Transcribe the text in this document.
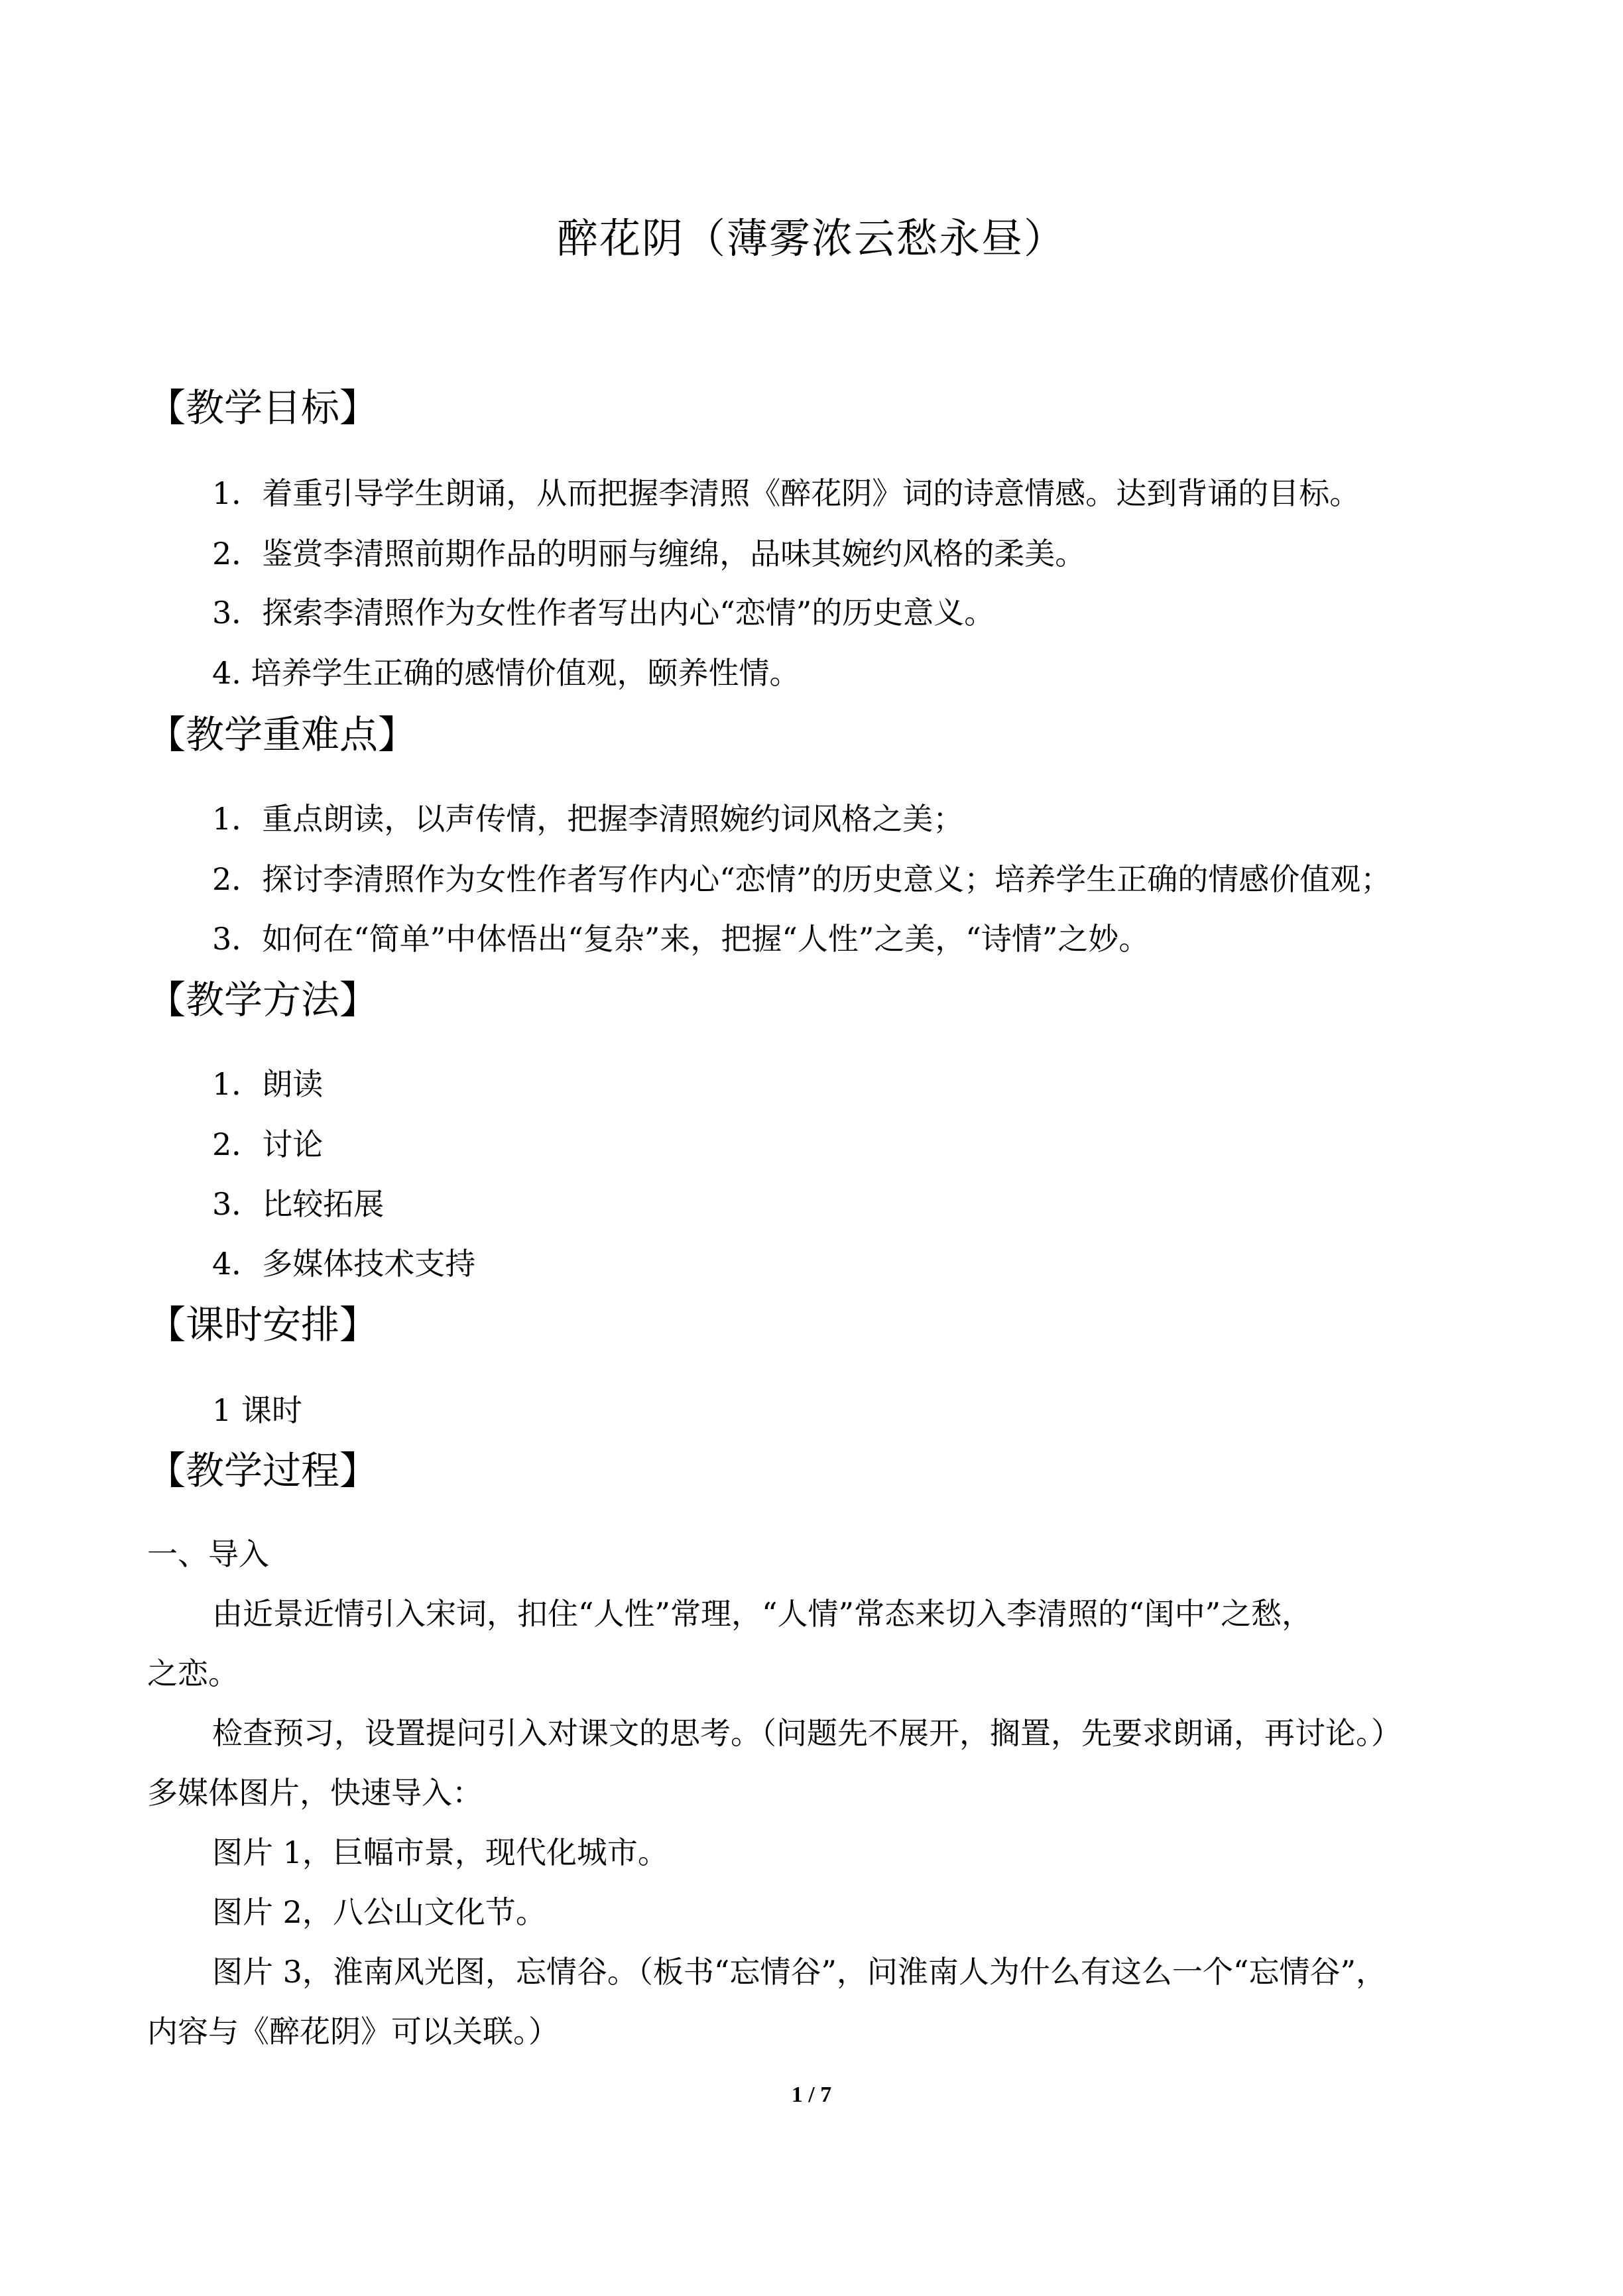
醉花阴（薄雾浓云愁永昼）
【教学目标】
1．着重引导学生朗诵，从而把握李清照《醉花阴》词的诗意情感。达到背诵的目标。
2．鉴赏李清照前期作品的明丽与缠绵，品味其婉约风格的柔美。
3．探索李清照作为女性作者写出内心“恋情”的历史意义。
4. 培养学生正确的感情价值观，颐养性情。
【教学重难点】
1．重点朗读，以声传情，把握李清照婉约词风格之美；
2．探讨李清照作为女性作者写作内心“恋情”的历史意义；培养学生正确的情感价值观；
3．如何在“简单”中体悟出“复杂”来，把握“人性”之美，“诗情”之妙。
【教学方法】
1．朗读
2．讨论
3．比较拓展
4．多媒体技术支持
【课时安排】
1 课时
【教学过程】
一、导入
由近景近情引入宋词，扣住“人性”常理，“人情”常态来切入李清照的“闺中”之愁，
之恋。
检查预习，设置提问引入对课文的思考。（问题先不展开，搁置，先要求朗诵，再讨论。）
多媒体图片，快速导入：
图片 1，巨幅市景，现代化城市。
图片 2，八公山文化节。
图片 3，淮南风光图，忘情谷。（板书“忘情谷”，问淮南人为什么有这么一个“忘情谷”，
内容与《醉花阴》可以关联。）
1 / 7
